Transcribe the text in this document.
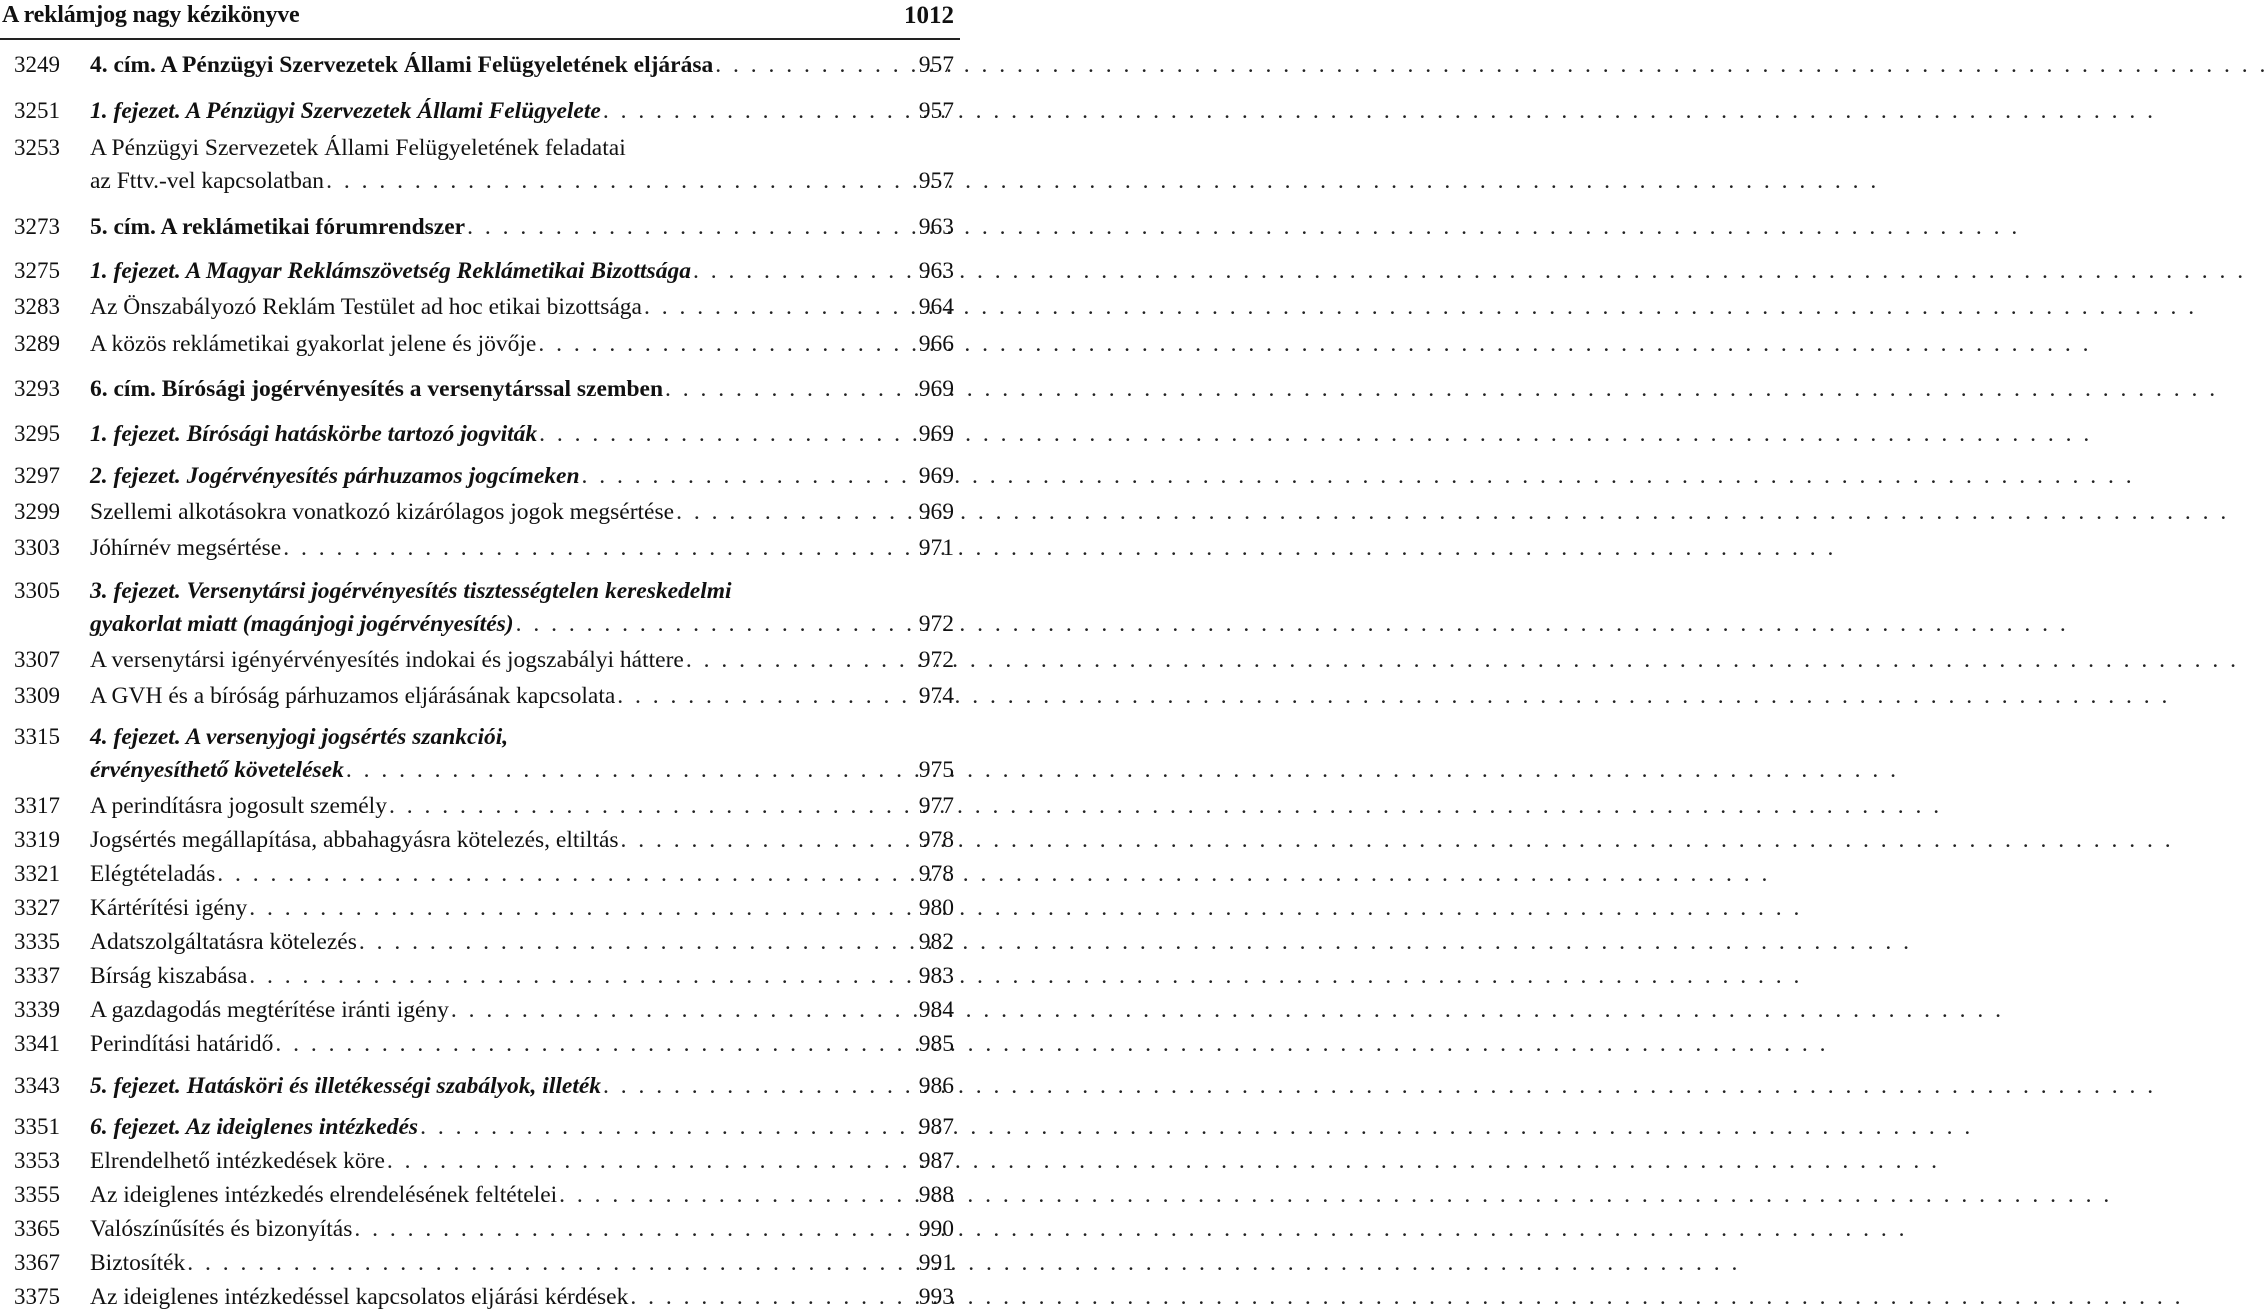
A reklámjog nagy kézikönyve	1012
3249	4. cím. A Pénzügyi Szervezetek Állami Felügyeletének eljárása . . .	957
3251	1. fejezet. A Pénzügyi Szervezetek Állami Felügyelete . . .	957
3253	A Pénzügyi Szervezetek Állami Felügyeletének feladatai
az Fttv.-vel kapcsolatban . . .	957
3273	5. cím. A reklámetikai fórumrendszer . . .	963
3275	1. fejezet. A Magyar Reklámszövetség Reklámetikai Bizottsága . . .	963
3283	Az Önszabályozó Reklám Testület ad hoc etikai bizottsága . . .	964
3289	A közös reklámetikai gyakorlat jelene és jövője . . .	966
3293	6. cím. Bírósági jogérvényesítés a versenytárssal szemben . . .	969
3295	1. fejezet. Bírósági hatáskörbe tartozó jogviták . . .	969
3297	2. fejezet. Jogérvényesítés párhuzamos jogcímeken . . .	969
3299	Szellemi alkotásokra vonatkozó kizárólagos jogok megsértése . . .	969
3303	Jóhírnév megsértése . . .	971
3305	3. fejezet. Versenytársi jogérvényesítés tisztességtelen kereskedelmi
gyakorlat miatt (magánjogi jogérvényesítés) . . .	972
3307	A versenytársi igényérvényesítés indokai és jogszabályi háttere . . .	972
3309	A GVH és a bíróság párhuzamos eljárásának kapcsolata . . .	974
3315	4. fejezet. A versenyjogi jogsértés szankciói,
érvényesíthető követelések . . .	975
3317	A perindításra jogosult személy . . .	977
3319	Jogsértés megállapítása, abbahagyásra kötelezés, eltiltás . . .	978
3321	Elégtételadás . . .	978
3327	Kártérítési igény . . .	980
3335	Adatszolgáltatásra kötelezés . . .	982
3337	Bírság kiszabása . . .	983
3339	A gazdagodás megtérítése iránti igény . . .	984
3341	Perindítási határidő . . .	985
3343	5. fejezet. Hatásköri és illetékességi szabályok, illeték . . .	986
3351	6. fejezet. Az ideiglenes intézkedés . . .	987
3353	Elrendelhető intézkedések köre . . .	987
3355	Az ideiglenes intézkedés elrendelésének feltételei . . .	988
3365	Valószínűsítés és bizonyítás . . .	990
3367	Biztosíték . . .	991
3375	Az ideiglenes intézkedéssel kapcsolatos eljárási kérdések . . .	993
